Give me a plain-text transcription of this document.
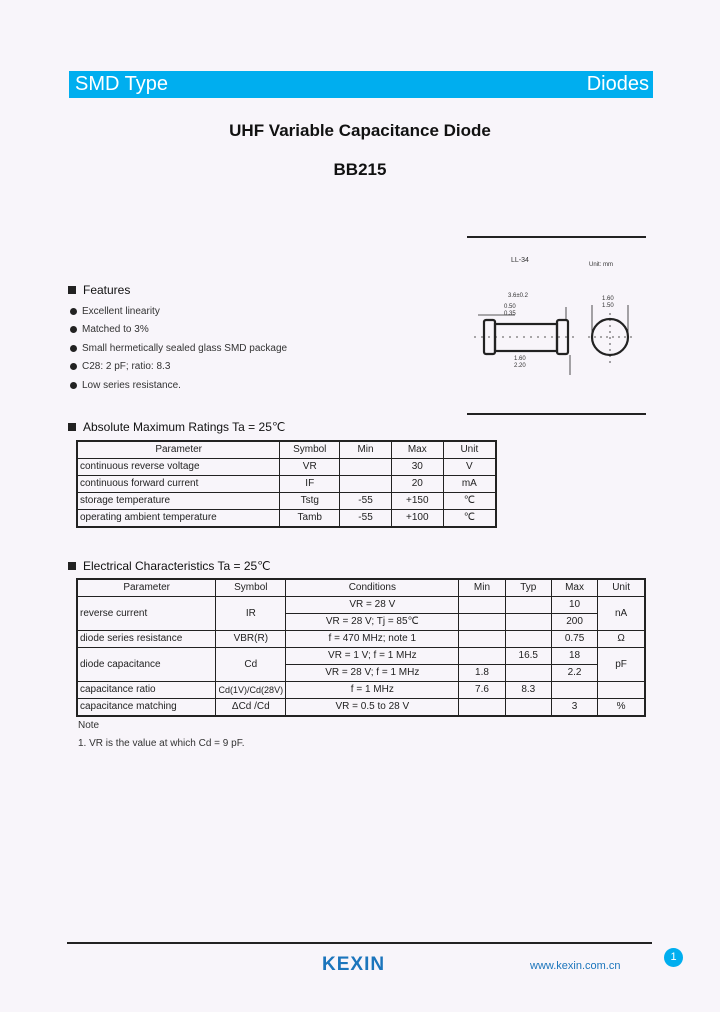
SMD Type	Diodes
UHF Variable Capacitance Diode
BB215
LL-34
Unit: mm
3.6±0.2
0.50
0.35
1.60
2.20
1.60
1.50
Features
Excellent linearity
Matched to 3%
Small hermetically sealed glass SMD package
C28: 2 pF; ratio: 8.3
Low series resistance.
Absolute Maximum Ratings Ta = 25℃
Parameter	Symbol	Min	Max	Unit
continuous reverse voltage	VR		30	V
continuous forward current	IF		20	mA
storage temperature	Tstg	-55	+150	℃
operating ambient temperature	Tamb	-55	+100	℃
Electrical Characteristics Ta = 25℃
Parameter	Symbol	Conditions	Min	Typ	Max	Unit
reverse current	IR	VR = 28 V			10	nA
		VR = 28 V; Tj = 85℃			200	
diode series resistance	VBR(R)	f = 470 MHz; note 1			0.75	Ω
diode capacitance	Cd	VR = 1 V; f = 1 MHz		16.5	18	pF
		VR = 28 V; f = 1 MHz	1.8		2.2	
capacitance ratio	Cd(1V)/Cd(28V)	f = 1 MHz	7.6	8.3		
capacitance matching	ΔCd /Cd	VR = 0.5 to 28 V			3	%
Note
1. VR is the value at which Cd = 9 pF.
KEXIN	www.kexin.com.cn
1
